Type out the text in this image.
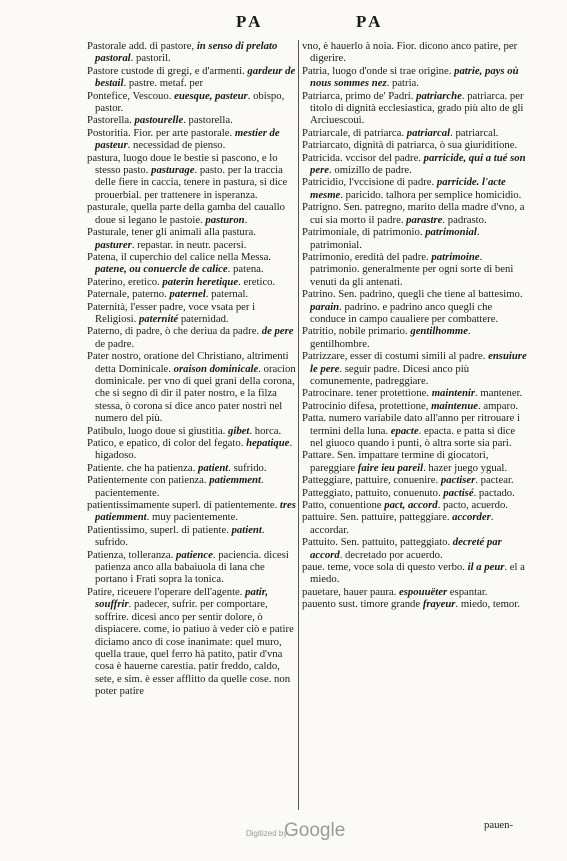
PA	PA

Pastorale add. di pastore, in senso di prelato pastoral. pastoril.

Pastore custode di gregi, e d'armenti. gardeur de bestail. pastre. metaf. per

Pontefice, Vescouo. euesque, pasteur. obispo, pastor.

Pastorella. pastourelle. pastorella.

Postoritia. Fior. per arte pastorale. mestier de pasteur. necessidad de pienso.

pastura, luogo doue le bestie si pascono, e lo stesso pasto. pasturage. pasto. per la traccia delle fiere in caccia, tenere in pastura, si dice prouerbial. per trattenere in isperanza.

pasturale, quella parte della gamba del cauallo doue si legano le pastoie. pasturon.

Pasturale, tener gli animali alla pastura. pasturer. repastar. in neutr. pacersi.

Patena, il cuperchio del calice nella Messa. patene, ou conuercle de calice. patena.

Paterino, eretico. paterin heretique. eretico.

Paternale, paterno. paternel. paternal.

Paternità, l'esser padre, voce vsata per i Religiosi. paternité paternidad.

Paterno, di padre, ò che deriua da padre. de pere de padre.

Pater nostro, oratione del Christiano, altrimenti detta Dominicale. oraison dominicale. oracion dominicale. per vno di quei grani della corona, che si segno di dir il pater nostro, e la filza stessa, ò corona si dice anco pater nostri nel numero del più.

Patibulo, luogo doue si giustitia. gibet. horca.

Patico, e epatico, di color del fegato. hepatique. higadoso.

Patiente. che ha patienza. patient. sufrido.

Patientemente con patienza. patiemment. pacientemente.

patientissimamente superl. di patientemente. tres patiemment. muy pacientemente.

Patientissimo, superl. di patiente. patient. sufrido.

Patienza, tolleranza. patience. paciencia. dicesi patienza anco alla babaiuola di lana che portano i Frati sopra la tonica.

Patire, riceuere l'operare dell'agente. patir, souffrir. padecer, sufrir. per comportare, soffrire. dicesi anco per sentir dolore, ò dispiacere. come, io patiuo à veder ciò e patire diciamo anco di cose inanimate: quel muro, quella traue, quel ferro hà patito, patir d'vna cosa è hauerne carestia. patir freddo, caldo, sete, e sim. è esser afflitto da quelle cose. non poter patire

vno, è hauerlo à noia. Fior. dicono anco patire, per digerire.

Patria, luogo d'onde si trae origine. patrie, pays où nous sommes nez. patria.

Patriarca, primo de' Padri. patriarche. patriarca. per titolo di dignità ecclesiastica, grado più alto de gli Arciuescoui.

Patriarcale, di patriarca. patriarcal. patriarcal.

Patriarcato, dignità di patriarca, ò sua giuriditione.

Patricida. vccisor del padre. parricide, qui a tué son pere. omizillo de padre.

Patricidio, l'vccisione di padre. parricide. l'acte mesme. paricido. talhora per semplice homicidio.

Patrigno. Sen. patregno, marito della madre d'vno, a cui sia morto il padre. parastre. padrasto.

Patrimoniale, di patrimonio. patrimonial. patrimonial.

Patrimonio, eredità del padre. patrimoine. patrimonio. generalmente per ogni sorte di beni venuti da gli antenati.

Patrino. Sen. padrino, quegli che tiene al battesimo. parain. padrino. e padrino anco quegli che conduce in campo caualiere per combattere.

Patritio, nobile primario. gentilhomme. gentilhombre.

Patrizzare, esser di costumi simili al padre. ensuiure le pere. seguir padre. Dicesi anco più comunemente, padreggiare.

Patrocinare. tener protettione. maintenir. mantener.

Patrocinio difesa, protettione, maintenue. amparo.

Patta. numero variabile dato all'anno per ritrouare i termini della luna. epacte. epacta. e patta si dice nel giuoco quando i punti, ò altra sorte sia pari.

Pattare. Sen. impattare termine di giocatori, pareggiare faire ieu pareil. hazer juego ygual.

Patteggiare, pattuire, conuenire. pactiser. pactear.

Patteggiato, pattuito, conuenuto. pactisé. pactado.

Patto, conuentione pact, accord. pacto, acuerdo.

pattuire. Sen. pattuire, patteggiare. accorder. accordar.

Pattuito. Sen. pattuito, patteggiato. decreté par accord. decretado por acuerdo.

paue. teme, voce sola di questo verbo. il a peur. el a miedo.

pauetare, hauer paura. espouuëter espantar.

pauento sust. timore grande frayeur. miedo, temor.

pauen-
Digitized by
Google
